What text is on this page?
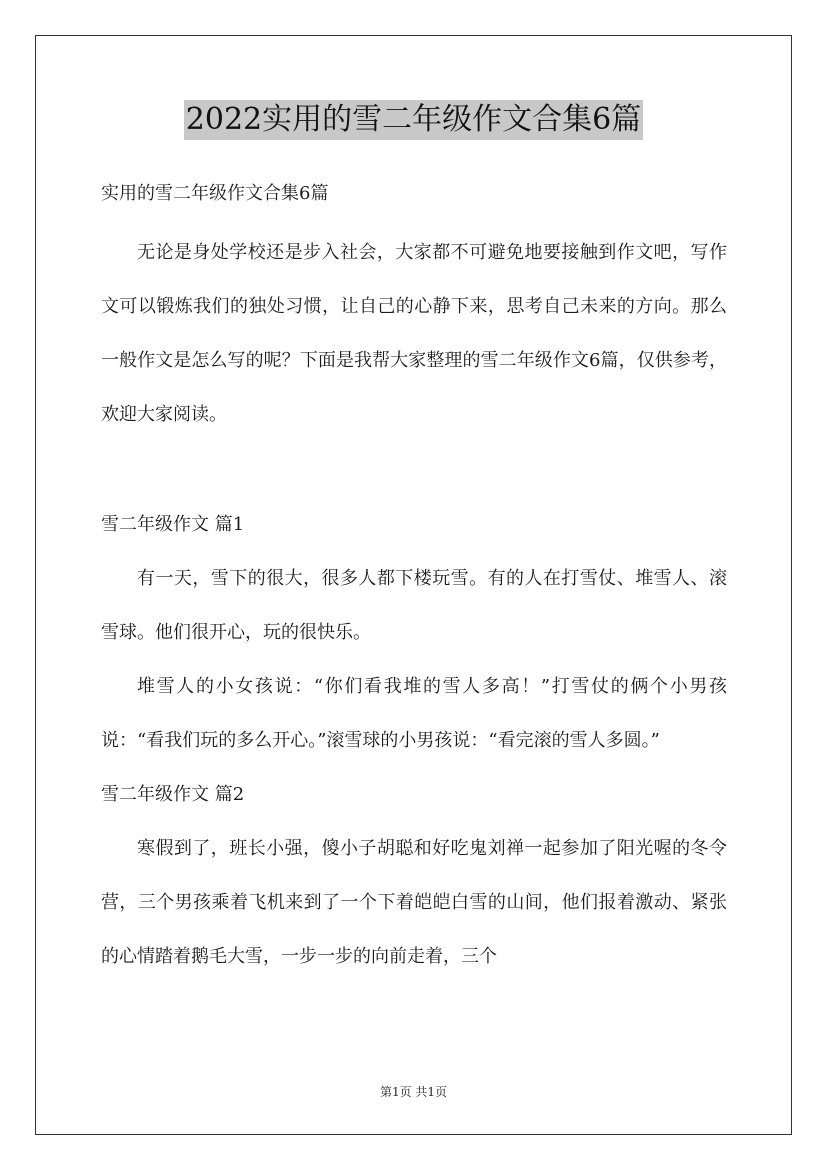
2022实用的雪二年级作文合集6篇

实用的雪二年级作文合集6篇

无论是身处学校还是步入社会，大家都不可避免地要接触到作文吧，写作文可以锻炼我们的独处习惯，让自己的心静下来，思考自己未来的方向。那么一般作文是怎么写的呢？下面是我帮大家整理的雪二年级作文6篇，仅供参考，欢迎大家阅读。

雪二年级作文 篇1

有一天，雪下的很大，很多人都下楼玩雪。有的人在打雪仗、堆雪人、滚雪球。他们很开心，玩的很快乐。

堆雪人的小女孩说：“你们看我堆的雪人多高！”打雪仗的俩个小男孩说：“看我们玩的多么开心。”滚雪球的小男孩说：“看完滚的雪人多圆。”

雪二年级作文 篇2

寒假到了，班长小强，傻小子胡聪和好吃鬼刘禅一起参加了阳光喔的冬令营，三个男孩乘着飞机来到了一个下着皑皑白雪的山间，他们报着激动、紧张的心情踏着鹅毛大雪，一步一步的向前走着，三个

第1页 共1页
